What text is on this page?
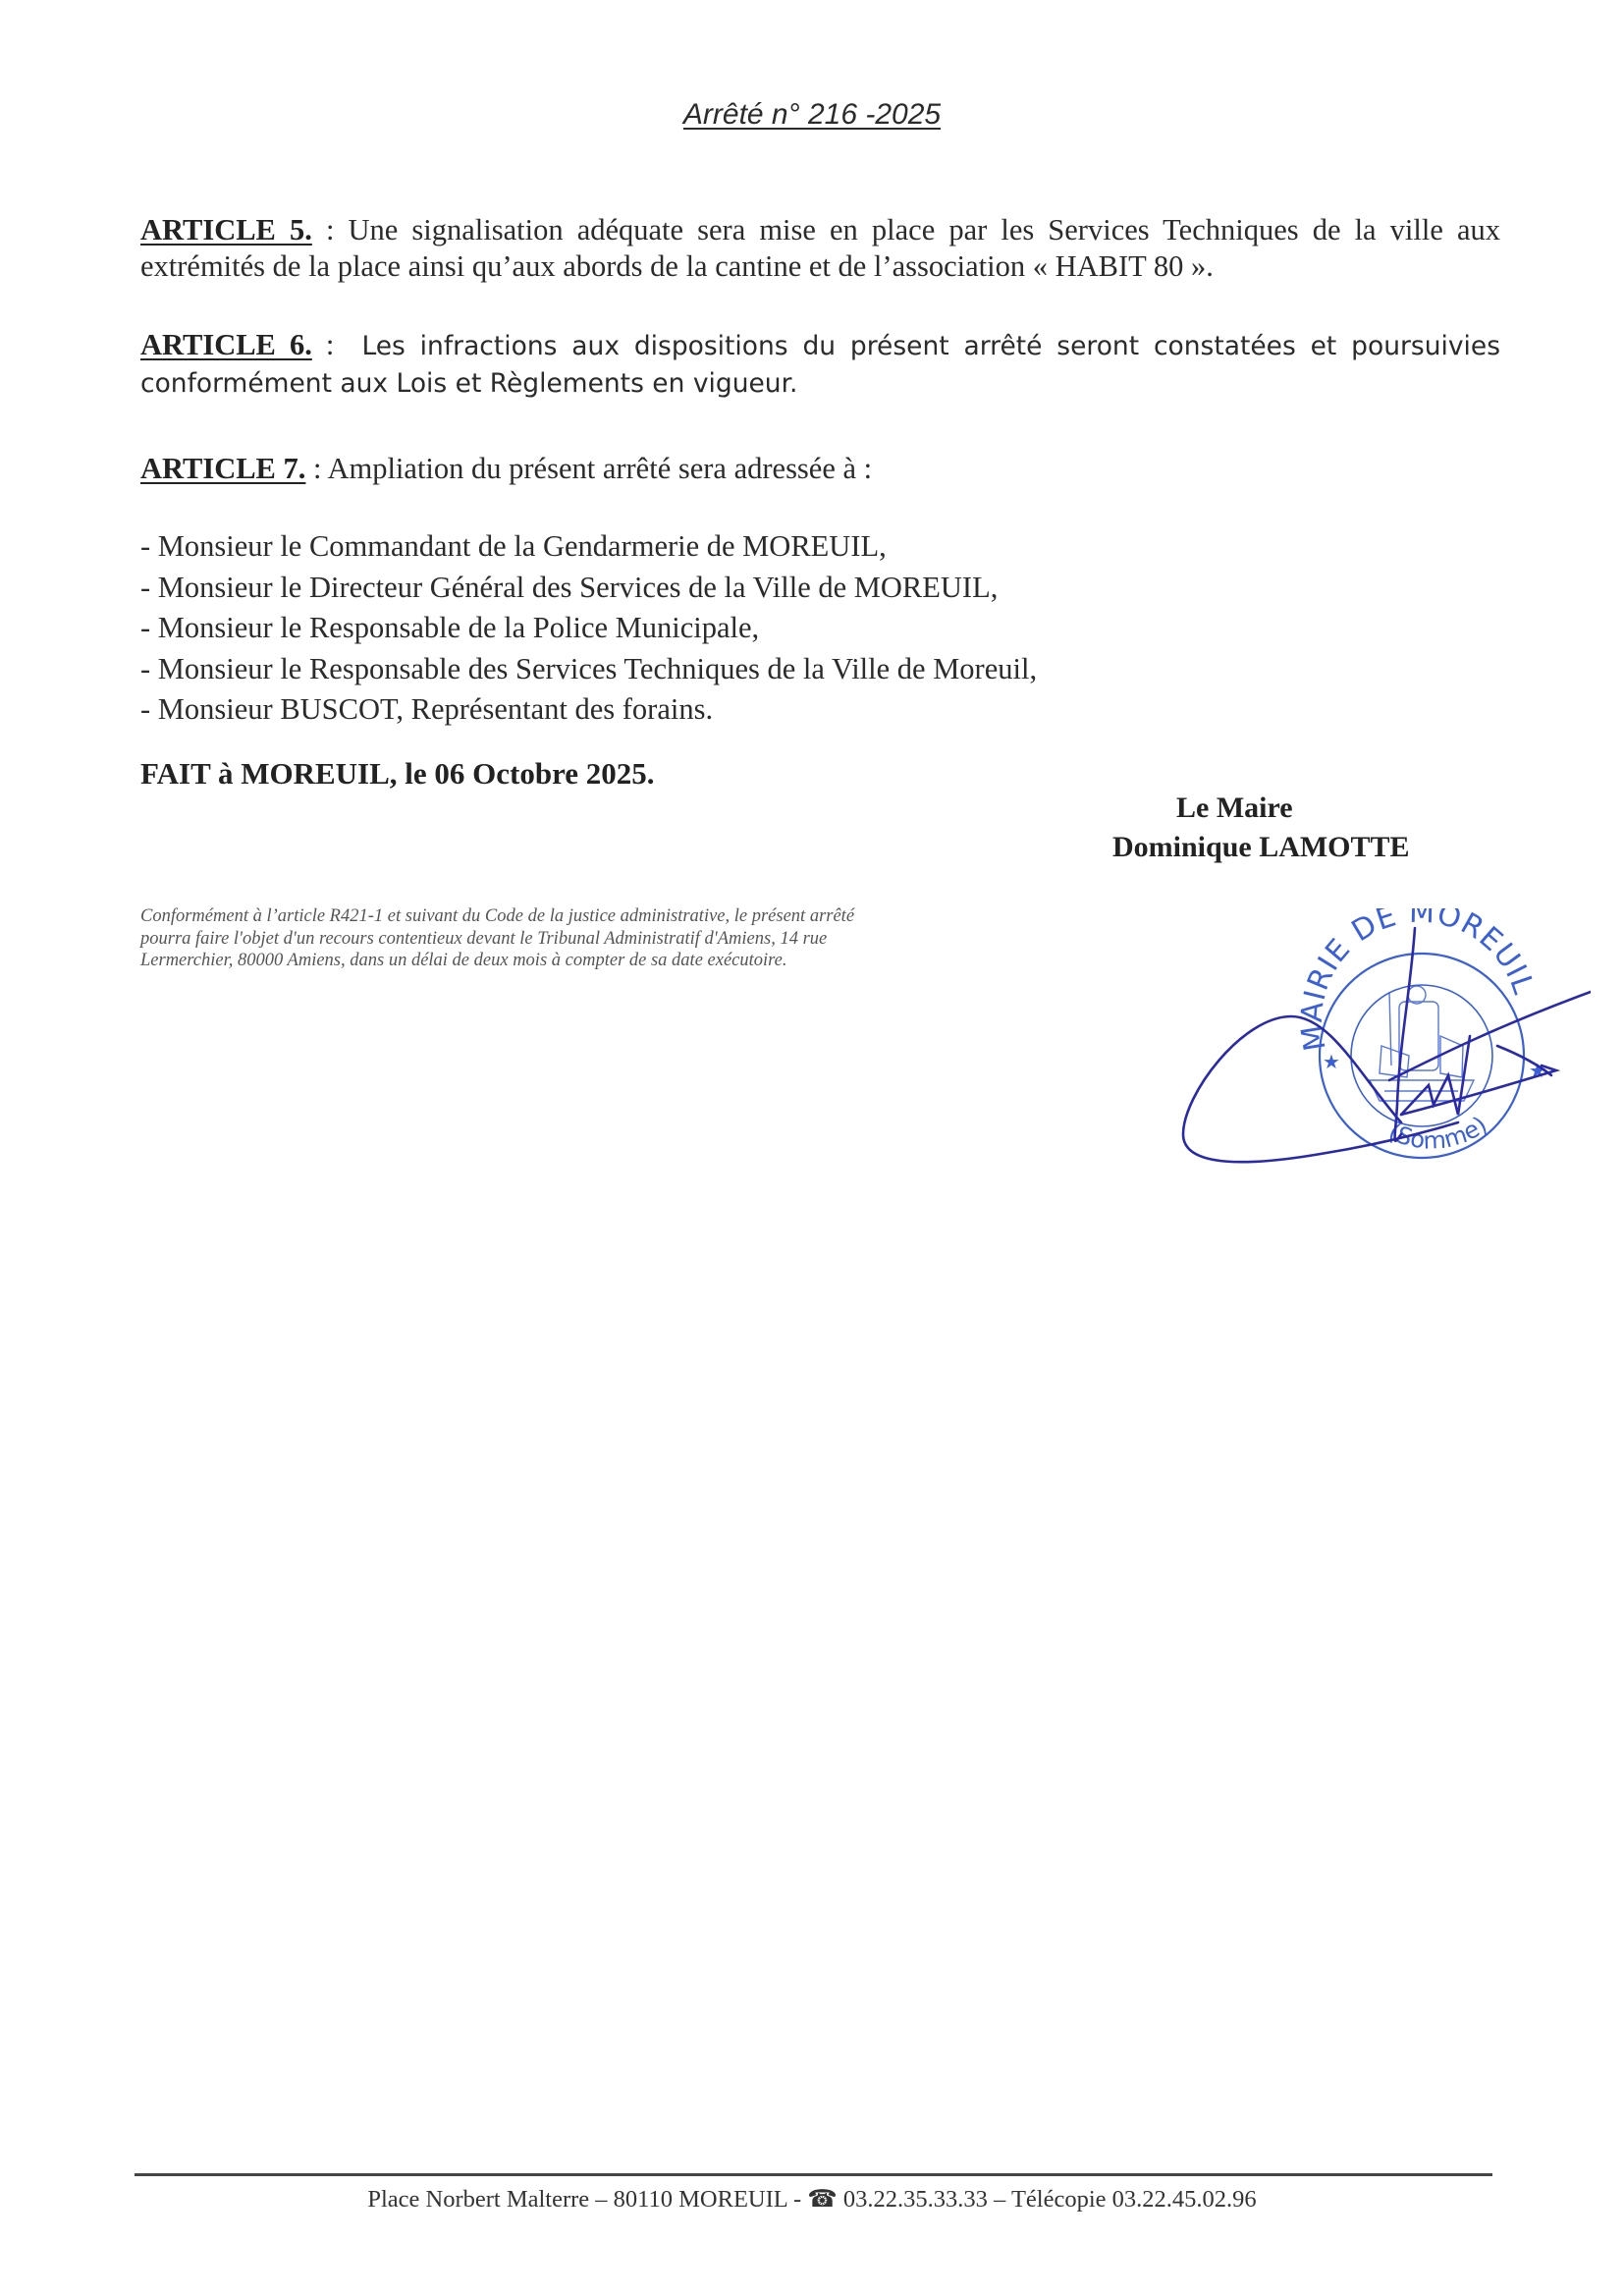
Arrêté n° 216 -2025
ARTICLE 5. : Une signalisation adéquate sera mise en place par les Services Techniques de la ville aux extrémités de la place ainsi qu’aux abords de la cantine et de l’association « HABIT 80 ».
ARTICLE 6. :  Les infractions aux dispositions du présent arrêté seront constatées et poursuivies conformément aux Lois et Règlements en vigueur.
ARTICLE 7. : Ampliation du présent arrêté sera adressée à :
- Monsieur le Commandant de la Gendarmerie de MOREUIL,
- Monsieur le Directeur Général des Services de la Ville de MOREUIL,
- Monsieur le Responsable de la Police Municipale,
- Monsieur le Responsable des Services Techniques de la Ville de Moreuil,
- Monsieur BUSCOT, Représentant des forains.
FAIT à MOREUIL, le 06 Octobre 2025.
Le Maire
Dominique LAMOTTE
Conformément à l’article R421-1 et suivant du Code de la justice administrative, le présent arrêté pourra faire l'objet d'un recours contentieux devant le Tribunal Administratif d'Amiens, 14 rue Lermerchier, 80000 Amiens, dans un délai de deux mois à compter de sa date exécutoire.
MAIRIE DE MOREUIL
(Somme)
★	★
Place Norbert Malterre – 80110 MOREUIL - ☎ 03.22.35.33.33 – Télécopie 03.22.45.02.96
